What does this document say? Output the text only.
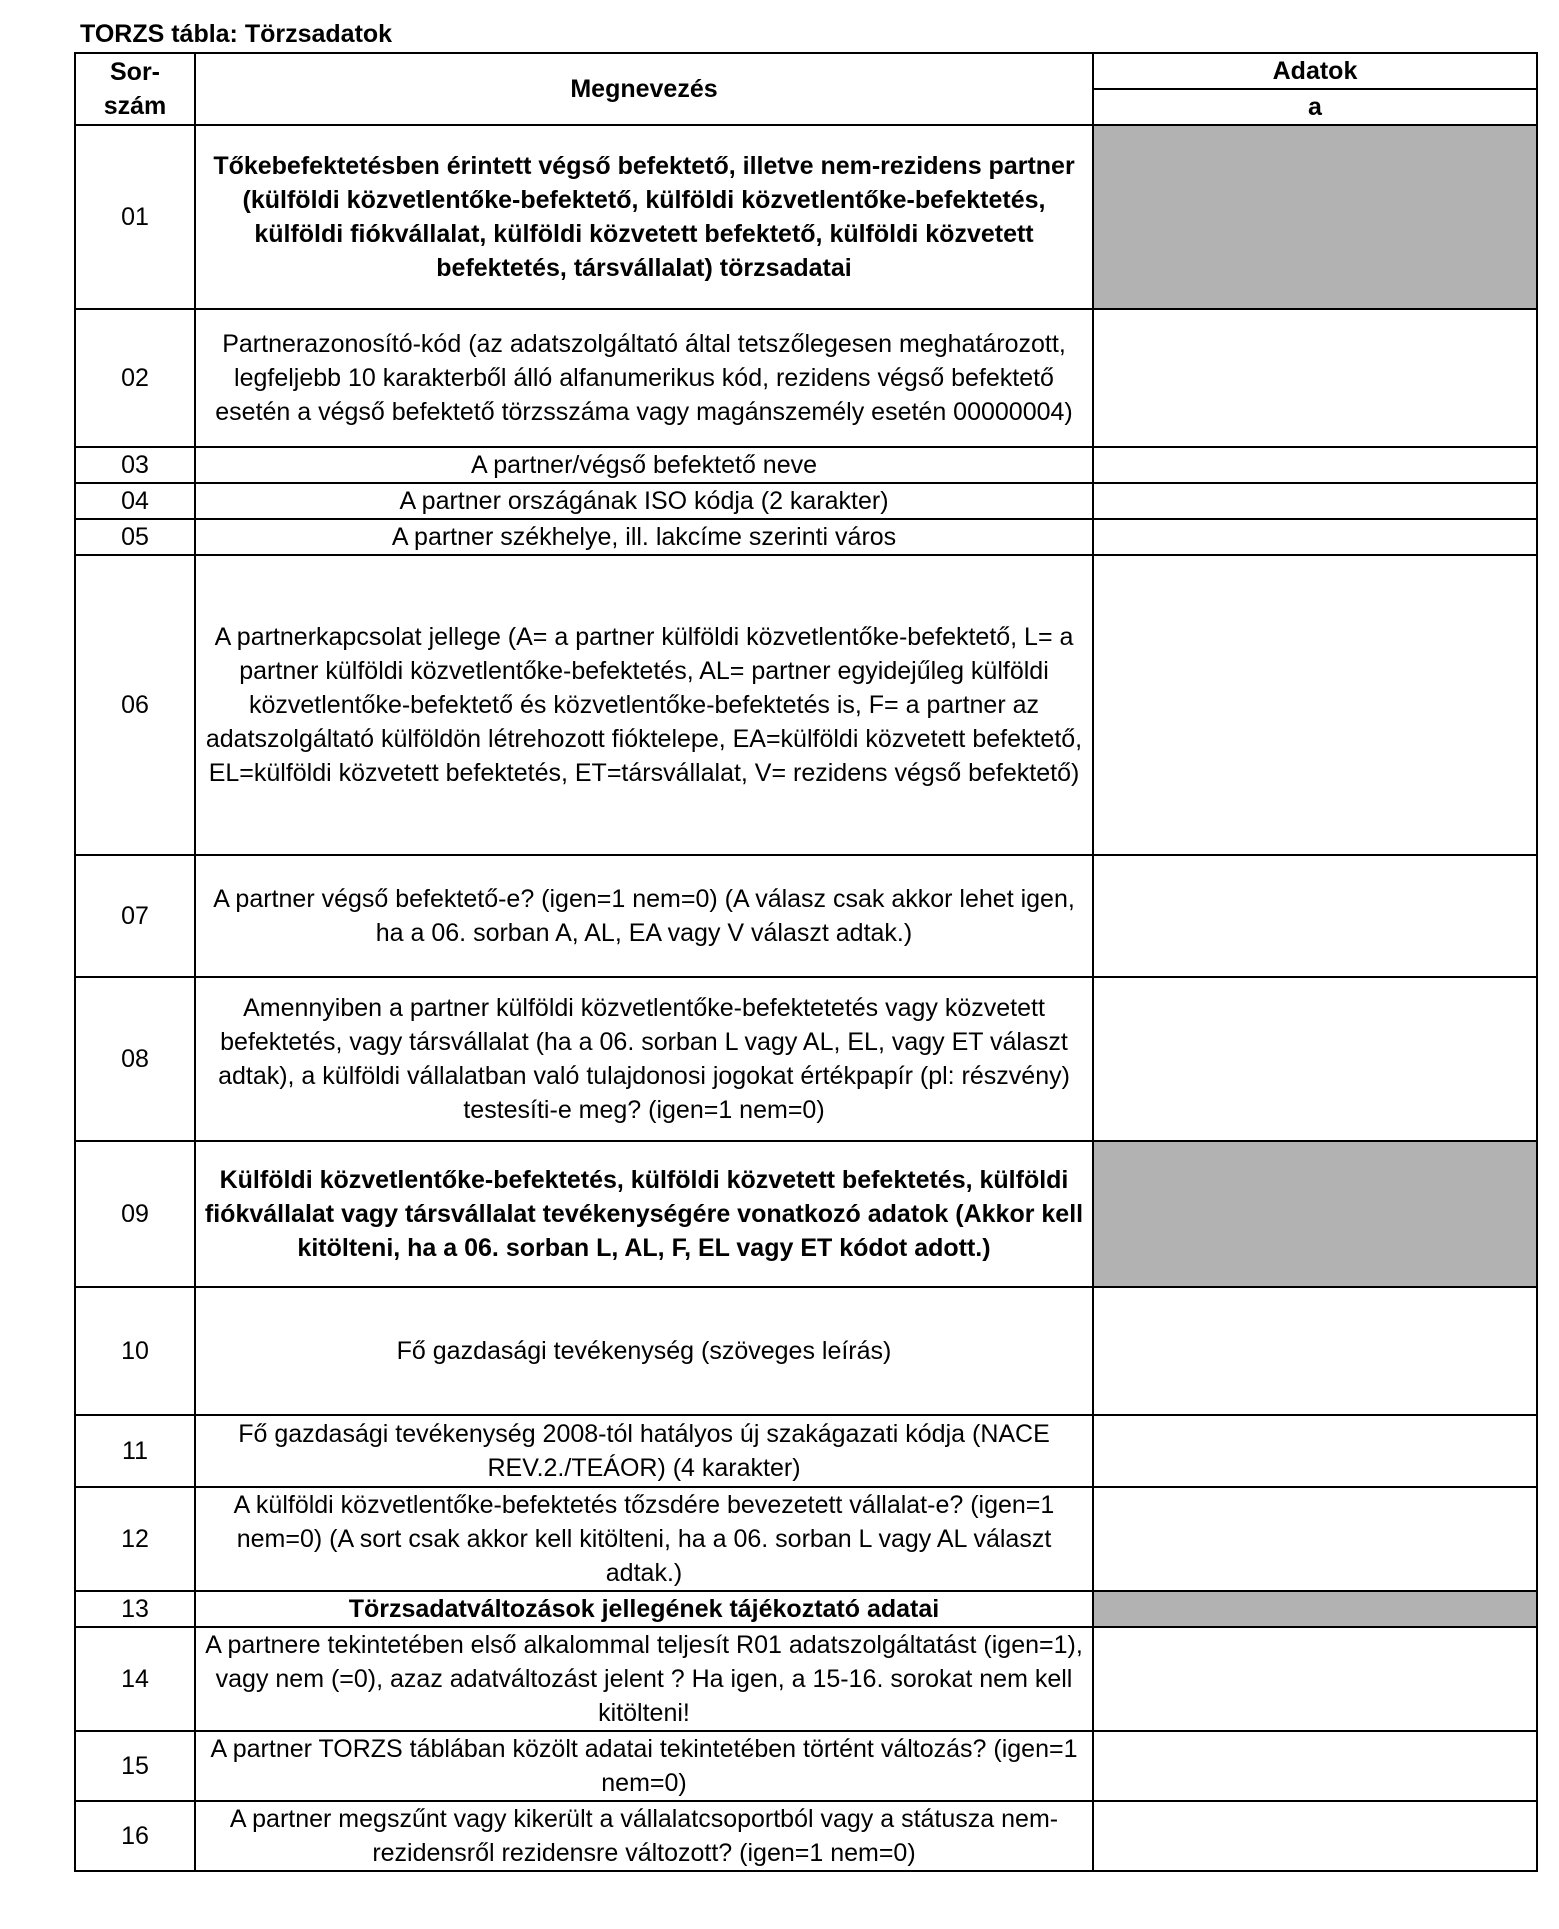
TORZS tábla: Törzsadatok
Sor-
szám	Megnevezés	Adatok
		a
01	Tőkebefektetésben érintett végső befektető, illetve nem-rezidens partner (külföldi közvetlentőke-befektető, külföldi közvetlentőke-befektetés, külföldi fiókvállalat, külföldi közvetett befektető, külföldi közvetett befektetés, társvállalat) törzsadatai	
02	Partnerazonosító-kód (az adatszolgáltató által tetszőlegesen meghatározott, legfeljebb 10 karakterből álló alfanumerikus kód, rezidens végső befektető esetén a végső befektető törzsszáma vagy magánszemély esetén 00000004)	
03	A partner/végső befektető neve	
04	A partner országának ISO kódja (2 karakter)	
05	A partner székhelye, ill. lakcíme szerinti város	
06	A partnerkapcsolat jellege (A= a partner külföldi közvetlentőke-befektető, L= a partner külföldi közvetlentőke-befektetés, AL= partner egyidejűleg külföldi közvetlentőke-befektető és közvetlentőke-befektetés is, F= a partner az adatszolgáltató külföldön létrehozott fióktelepe, EA=külföldi közvetett befektető, EL=külföldi közvetett befektetés, ET=társvállalat, V= rezidens végső befektető)	
07	A partner végső befektető-e? (igen=1 nem=0) (A válasz csak akkor lehet igen, ha a 06. sorban A, AL, EA vagy V választ adtak.)	
08	Amennyiben a partner külföldi közvetlentőke-befektetetés vagy közvetett befektetés, vagy társvállalat (ha a 06. sorban L vagy AL, EL, vagy ET választ adtak), a külföldi vállalatban való tulajdonosi jogokat értékpapír (pl: részvény) testesíti-e meg? (igen=1 nem=0)	
09	Külföldi közvetlentőke-befektetés, külföldi közvetett befektetés, külföldi fiókvállalat vagy társvállalat tevékenységére vonatkozó adatok (Akkor kell kitölteni, ha a 06. sorban L, AL, F, EL vagy ET kódot adott.)	
10	Fő gazdasági tevékenység (szöveges leírás)	
11	Fő gazdasági tevékenység 2008-tól hatályos új szakágazati kódja (NACE REV.2./TEÁOR) (4 karakter)	
12	A külföldi közvetlentőke-befektetés tőzsdére bevezetett vállalat-e? (igen=1 nem=0) (A sort csak akkor kell kitölteni, ha a 06. sorban L vagy AL választ adtak.)	
13	Törzsadatváltozások jellegének tájékoztató adatai	
14	A partnere tekintetében első alkalommal teljesít R01 adatszolgáltatást (igen=1), vagy nem (=0), azaz adatváltozást jelent ? Ha igen, a 15-16. sorokat nem kell kitölteni!	
15	A partner TORZS táblában közölt adatai tekintetében történt változás? (igen=1 nem=0)	
16	A partner megszűnt vagy kikerült a vállalatcsoportból vagy a státusza nem-rezidensről rezidensre változott? (igen=1 nem=0)	
